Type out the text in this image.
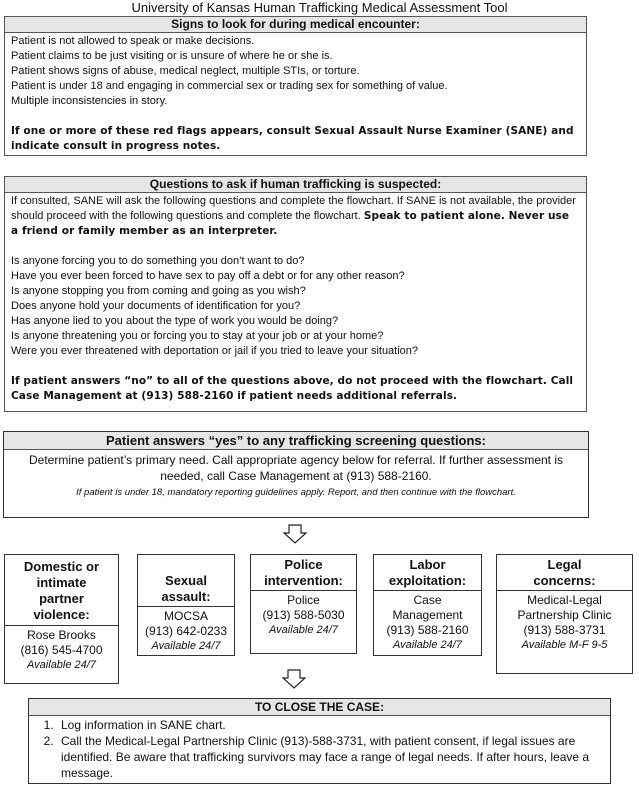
University of Kansas Human Trafficking Medical Assessment Tool
Signs to look for during medical encounter:

Patient is not allowed to speak or make decisions.

Patient claims to be just visiting or is unsure of where he or she is.

Patient shows signs of abuse, medical neglect, multiple STIs, or torture.

Patient is under 18 and engaging in commercial sex or trading sex for something of value.

Multiple inconsistencies in story.

If one or more of these red flags appears, consult Sexual Assault Nurse Examiner (SANE) and indicate consult in progress notes.

Questions to ask if human trafficking is suspected:

If consulted, SANE will ask the following questions and complete the flowchart. If SANE is not available, the provider should proceed with the following questions and complete the flowchart. Speak to patient alone. Never use a friend or family member as an interpreter.

Is anyone forcing you to do something you don’t want to do?

Have you ever been forced to have sex to pay off a debt or for any other reason?

Is anyone stopping you from coming and going as you wish?

Does anyone hold your documents of identification for you?

Has anyone lied to you about the type of work you would be doing?

Is anyone threatening you or forcing you to stay at your job or at your home?

Were you ever threatened with deportation or jail if you tried to leave your situation?

If patient answers “no” to all of the questions above, do not proceed with the flowchart. Call Case Management at (913) 588-2160 if patient needs additional referrals.

Patient answers “yes” to any trafficking screening questions:
Determine patient’s primary need. Call appropriate agency below for referral. If further assessment is needed, call Case Management at (913) 588-2160.
If patient is under 18, mandatory reporting guidelines apply. Report, and then continue with the flowchart.
Domestic or intimate partner violence:
Rose Brooks
(816) 545-4700
Available 24/7
Sexual assault:
MOCSA
(913) 642-0233
Available 24/7
Police intervention:
Police
(913) 588-5030
Available 24/7
Labor exploitation:
Case Management
(913) 588-2160
Available 24/7
Legal concerns:
Medical-Legal Partnership Clinic
(913) 588-3731
Available M-F 9-5
TO CLOSE THE CASE:
1. Log information in SANE chart.
2. Call the Medical-Legal Partnership Clinic (913)-588-3731, with patient consent, if legal issues are identified. Be aware that trafficking survivors may face a range of legal needs. If after hours, leave a message.
